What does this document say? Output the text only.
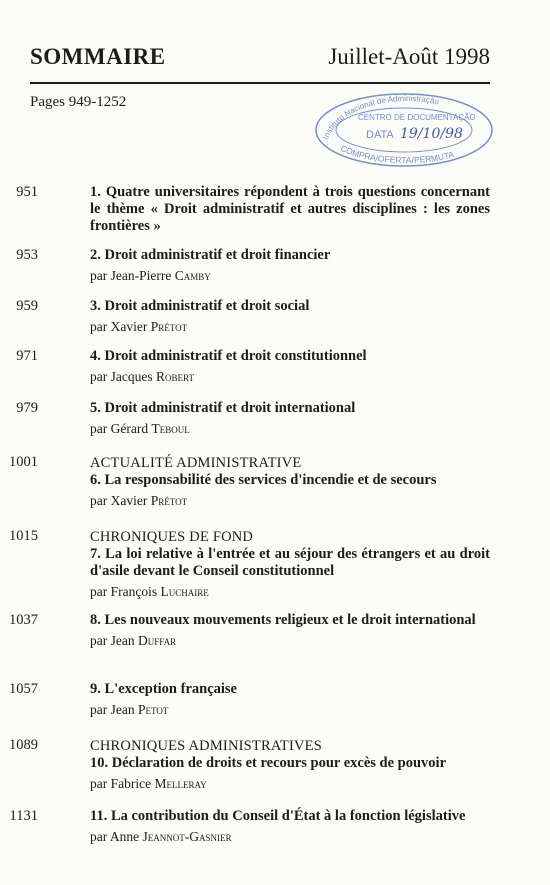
SOMMAIRE	Juillet-Août 1998
Pages 949-1252
Instituto Nacional de Administração
CENTRO DE DOCUMENTAÇÃO
DATA 19/10/98
COMPRA/OFERTA/PERMUTA
951	1. Quatre universitaires répondent à trois questions concernant le thème « Droit administratif et autres disciplines : les zones frontières »
953	2. Droit administratif et droit financier
par Jean-Pierre Camby
959	3. Droit administratif et droit social
par Xavier Prétot
971	4. Droit administratif et droit constitutionnel
par Jacques Robert
979	5. Droit administratif et droit international
par Gérard Teboul
1001	ACTUALITÉ ADMINISTRATIVE
6. La responsabilité des services d'incendie et de secours
par Xavier Prétot
1015	CHRONIQUES DE FOND
7. La loi relative à l'entrée et au séjour des étrangers et au droit d'asile devant le Conseil constitutionnel
par François Luchaire
1037	8. Les nouveaux mouvements religieux et le droit international
par Jean Duffar
1057	9. L'exception française
par Jean Petot
1089	CHRONIQUES ADMINISTRATIVES
10. Déclaration de droits et recours pour excès de pouvoir
par Fabrice Melleray
1131	11. La contribution du Conseil d'État à la fonction législative
par Anne Jeannot-Gasnier
